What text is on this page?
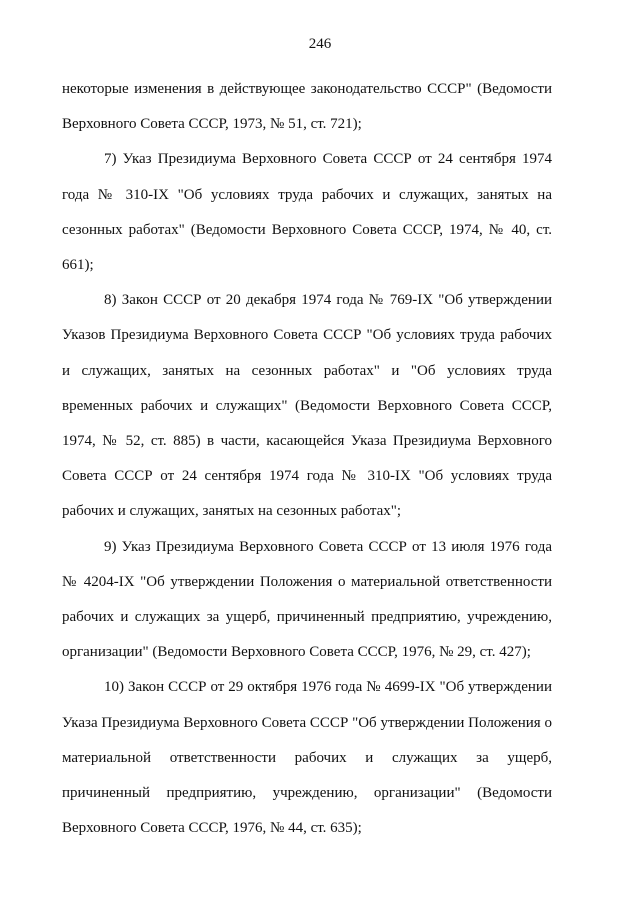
246

некоторые изменения в действующее законодательство СССР" (Ведомости Верховного Совета СССР, 1973, № 51, ст. 721);

7) Указ Президиума Верховного Совета СССР от 24 сентября 1974 года № 310-IX "Об условиях труда рабочих и служащих, занятых на сезонных работах" (Ведомости Верховного Совета СССР, 1974, № 40, ст. 661);

8) Закон СССР от 20 декабря 1974 года № 769-IX "Об утверждении Указов Президиума Верховного Совета СССР "Об условиях труда рабочих и служащих, занятых на сезонных работах" и "Об условиях труда временных рабочих и служащих" (Ведомости Верховного Совета СССР, 1974, № 52, ст. 885) в части, касающейся Указа Президиума Верховного Совета СССР от 24 сентября 1974 года № 310-IX "Об условиях труда рабочих и служащих, занятых на сезонных работах";

9) Указ Президиума Верховного Совета СССР от 13 июля 1976 года № 4204-IX "Об утверждении Положения о материальной ответственности рабочих и служащих за ущерб, причиненный предприятию, учреждению, организации" (Ведомости Верховного Совета СССР, 1976, № 29, ст. 427);

10) Закон СССР от 29 октября 1976 года № 4699-IX "Об утверждении Указа Президиума Верховного Совета СССР "Об утверждении Положения о материальной ответственности рабочих и служащих за ущерб, причиненный предприятию, учреждению, организации" (Ведомости Верховного Совета СССР, 1976, № 44, ст. 635);
